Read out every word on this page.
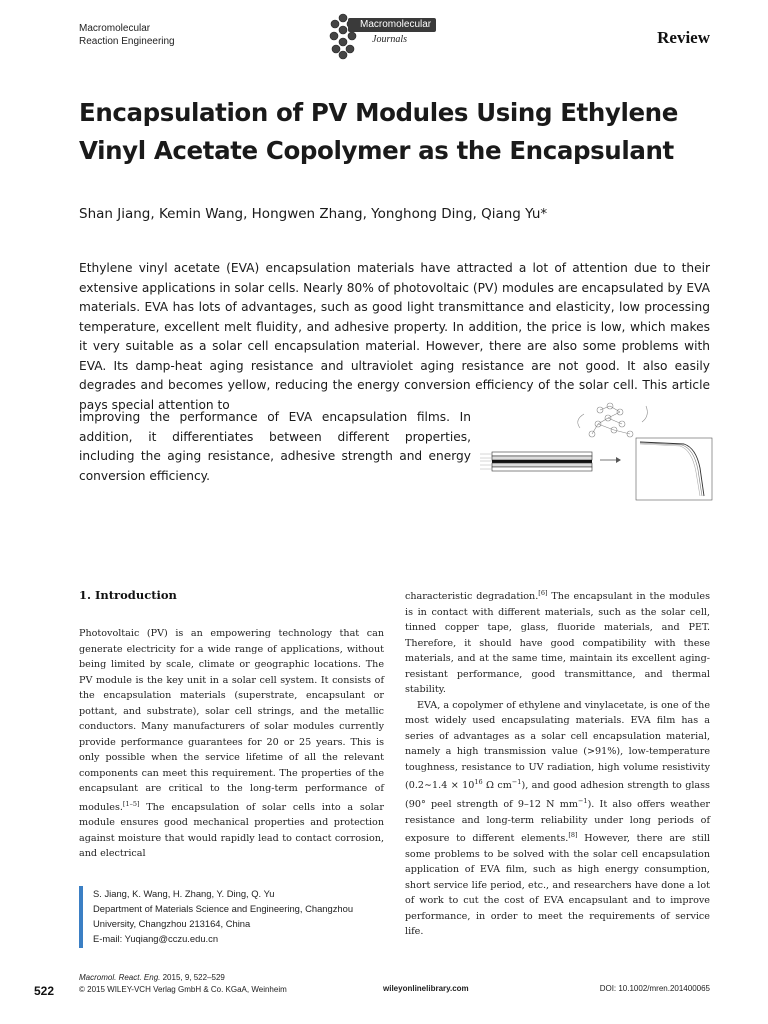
Macromolecular
Reaction Engineering
Macromolecular
Journals	Review
Encapsulation of PV Modules Using Ethylene
Vinyl Acetate Copolymer as the Encapsulant
Shan Jiang, Kemin Wang, Hongwen Zhang, Yonghong Ding, Qiang Yu*

Ethylene vinyl acetate (EVA) encapsulation materials have attracted a lot of attention due to their extensive applications in solar cells. Nearly 80% of photovoltaic (PV) modules are encapsulated by EVA materials. EVA has lots of advantages, such as good light transmittance and elasticity, low processing temperature, excellent melt fluidity, and adhesive property. In addition, the price is low, which makes it very suitable as a solar cell encapsulation material. However, there are also some problems with EVA. Its damp-heat aging resistance and ultraviolet aging resistance are not good. It also easily degrades and becomes yellow, reducing the energy conversion efficiency of the solar cell. This article pays special attention to

improving the performance of EVA encapsulation films. In addition, it differentiates between different properties, including the aging resistance, adhesive strength and energy conversion efficiency.

1. Introduction

Photovoltaic (PV) is an empowering technology that can generate electricity for a wide range of applications, without being limited by scale, climate or geographic locations. The PV module is the key unit in a solar cell system. It consists of the encapsulation materials (superstrate, encapsulant or pottant, and substrate), solar cell strings, and the metallic conductors. Many manufacturers of solar modules currently provide performance guarantees for 20 or 25 years. This is only possible when the service lifetime of all the relevant components can meet this requirement. The properties of the encapsulant are critical to the long-term performance of modules.[1–5] The encapsulation of solar cells into a solar module ensures good mechanical properties and protection against moisture that would rapidly lead to contact corrosion, and electrical

characteristic degradation.[6] The encapsulant in the modules is in contact with different materials, such as the solar cell, tinned copper tape, glass, fluoride materials, and PET. Therefore, it should have good compatibility with these materials, and at the same time, maintain its excellent aging-resistant performance, good transmittance, and thermal stability.

EVA, a copolymer of ethylene and vinylacetate, is one of the most widely used encapsulating materials. EVA film has a series of advantages as a solar cell encapsulation material, namely a high transmission value (>91%), low-temperature toughness, resistance to UV radiation, high volume resistivity (0.2∼1.4 × $10^{16}$ Ω $cm^{-1}$), and good adhesion strength to glass (90° peel strength of 9–12 N $mm^{-1}$). It also offers weather resistance and long-term reliability under long periods of exposure to different elements.[8] However, there are still some problems to be solved with the solar cell encapsulation application of EVA film, such as high energy consumption, short service life period, etc., and researchers have done a lot of work to cut the cost of EVA encapsulant and to improve performance, in order to meet the requirements of service life.

S. Jiang, K. Wang, H. Zhang, Y. Ding, Q. Yu
Department of Materials Science and Engineering, Changzhou
University, Changzhou 213164, China
E-mail: Yuqiang@cczu.edu.cn
522
Macromol. React. Eng. 2015, 9, 522–529
© 2015 WILEY-VCH Verlag GmbH & Co. KGaA, Weinheim	wileyonlinelibrary.com	DOI: 10.1002/mren.201400065
